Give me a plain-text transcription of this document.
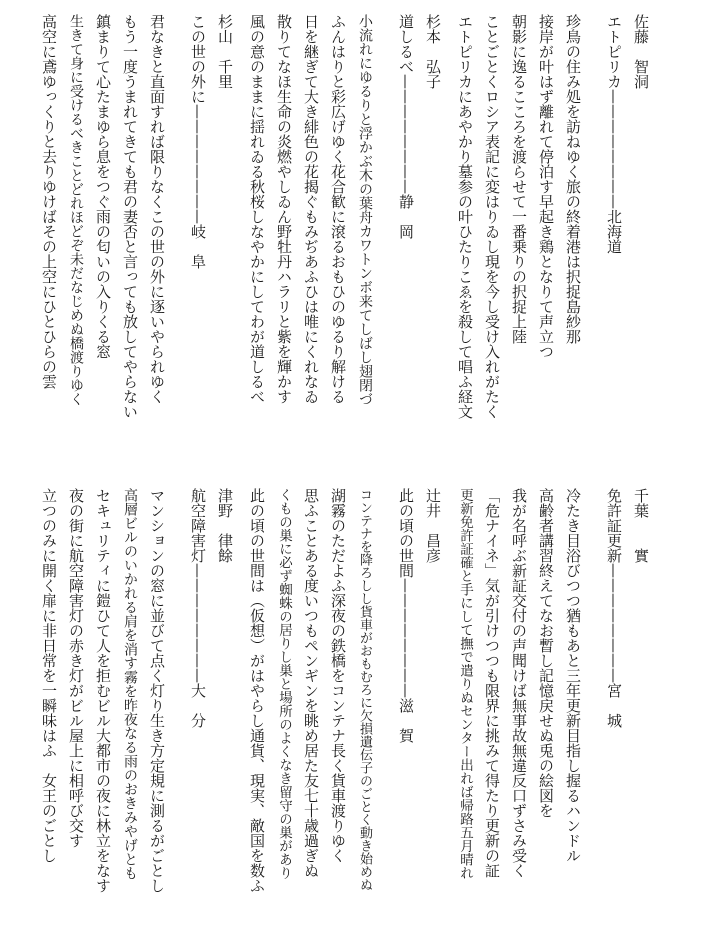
佐藤　智洞
エトピリカ————————北海道
珍鳥の住み処を訪ねゆく旅の終着港は択捉島紗那
接岸が叶はず離れて停泊す早起き鶏となりて声立つ
朝影に逸るこころを渡らせて一番乗りの択捉上陸
ことごとくロシア表記に変はりゐし現を今し受け入れがたく
エトピリカにあやかり墓参の叶ひたりこゑを殺して唱ふ経文
杉本　弘子
道しるべ————————静　岡
小流れにゆるりと浮かぶ木の葉舟カワトンボ来てしばし翅閉づ
ふんはりと彩広げゆく花合歓に滾るおもひのゆるり解ける
日を継ぎて大き緋色の花揭ぐもみぢあふひは唯にくれなゐ
散りてなほ生命の炎燃やしゐん野牡丹ハラリと紫を輝かす
風の意のままに揺れゐる秋桜しなやかにしてわが道しるべ
杉山　千里
この世の外に————————岐　阜
君なきと直面すれば限りなくこの世の外に逐いやられゆく
もう一度うまれてきても君の妻否と言っても放してやらない
鎮まりて心たまゆら息をつぐ雨の匂いの入りくる窓
生きて身に受けるべきことどれほどぞ未だなじめぬ橋渡りゆく
高空に鳶ゆっくりと去りゆけばその上空にひとひらの雲
千葉　　實
免許証更新————————宮　城
冷たき目浴びつつ猶もあと三年更新目指し握るハンドル
高齢者講習終えてなお暫し記憶戻せぬ兎の絵図を
我が名呼ぶ新証交付の声聞けば無事故無違反口ずさみ受く
「危ナイネ」気が引けつつも限界に挑みて得たり更新の証
更新免許証確と手にして撫で遣りぬセンター出れば帰路五月晴れ
辻井　昌彦
此の頃の世間————————滋　賀
コンテナを降ろしし貨車がおもむろに欠損遺伝子のごとく動き始めぬ
湖霧のただよふ深夜の鉄橋をコンテナ長く貨車渡りゆく
思ふことある度いつもペンギンを眺め居た友七十歳過ぎぬ
くもの巣に必ず蜘蛛の居りし巣と場所のよくなき留守の巣があり
此の頃の世間は（仮想）がはやらし通貨、現実、敵国を数ふ
津野　律餘
航空障害灯————————大　分
マンションの窓に並びて点く灯り生き方定規に測るがごとし
高層ビルのいかれる肩を消す霧を昨夜なる雨のおきみやげとも
セキュリティに鎧ひて人を拒むビル大都市の夜に林立をなす
夜の街に航空障害灯の赤き灯がビル屋上に相呼び交す
立つのみに開く扉に非日常を一瞬味はふ　女王のごとし
